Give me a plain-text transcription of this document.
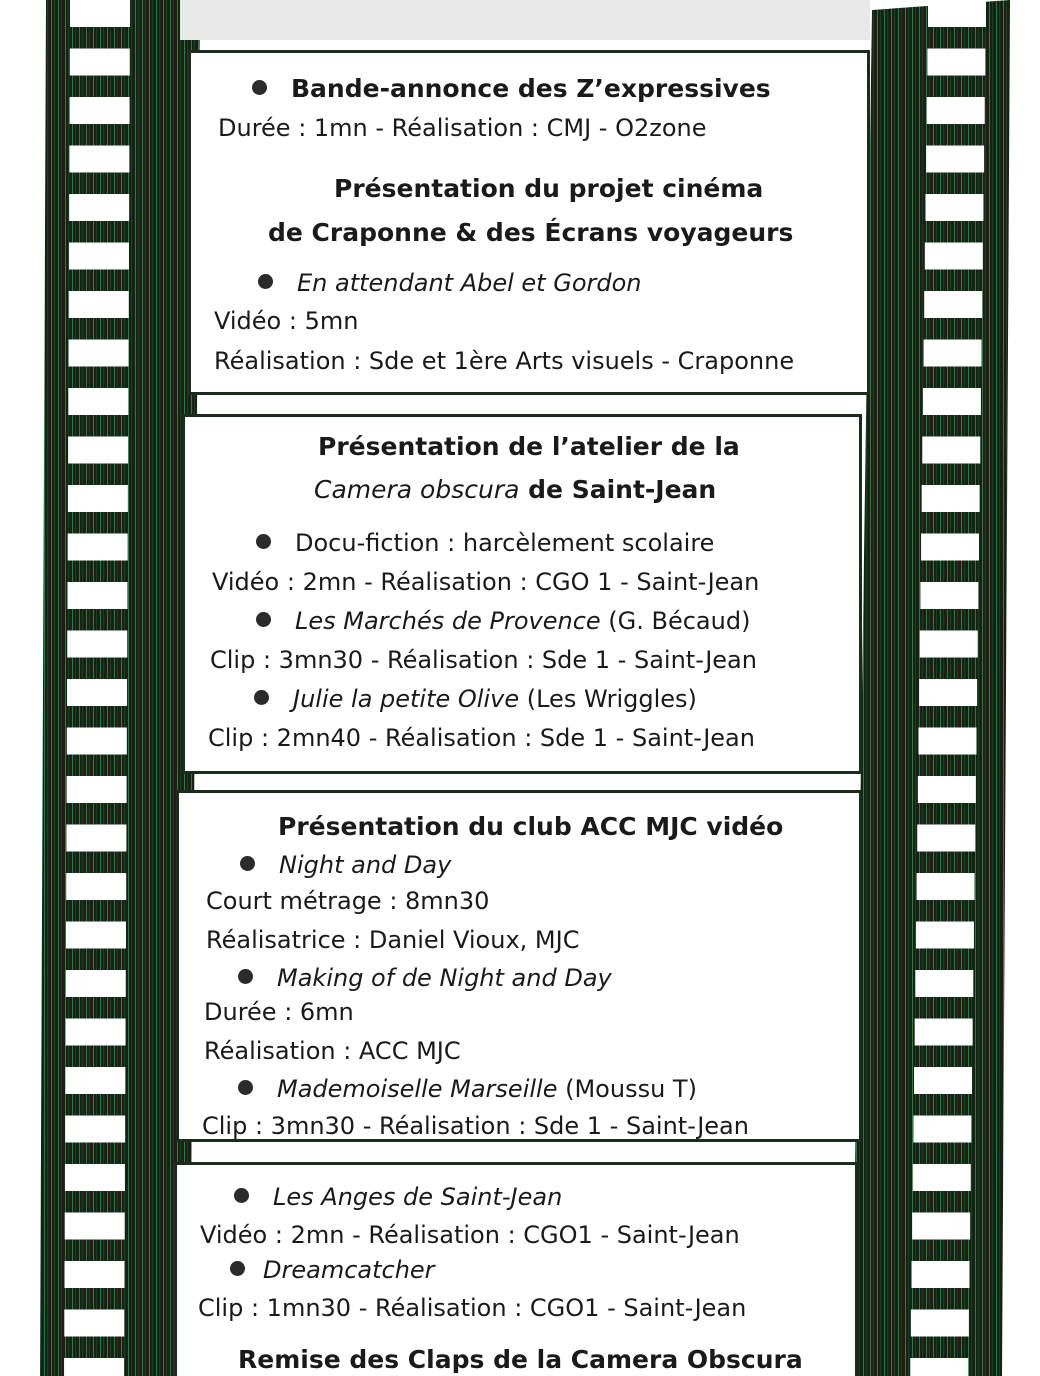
Bande-annonce des Z’expressives
Durée : 1mn - Réalisation : CMJ - O2zone
Présentation du projet cinéma
de Craponne & des Écrans voyageurs
En attendant Abel et Gordon
Vidéo : 5mn
Réalisation : Sde et 1ère Arts visuels - Craponne
Présentation de l’atelier de la
Camera obscura de Saint-Jean
Docu-fiction : harcèlement scolaire
Vidéo : 2mn - Réalisation : CGO 1 - Saint-Jean
Les Marchés de Provence (G. Bécaud)
Clip : 3mn30 - Réalisation : Sde 1 - Saint-Jean
Julie la petite Olive (Les Wriggles)
Clip : 2mn40 - Réalisation : Sde 1 - Saint-Jean
Présentation du club ACC MJC vidéo
Night and Day
Court métrage : 8mn30
Réalisatrice : Daniel Vioux, MJC
Making of de Night and Day
Durée : 6mn
Réalisation : ACC MJC
Mademoiselle Marseille (Moussu T)
Clip : 3mn30 - Réalisation : Sde 1 - Saint-Jean
Les Anges de Saint-Jean
Vidéo : 2mn - Réalisation : CGO1 - Saint-Jean
Dreamcatcher
Clip : 1mn30 - Réalisation : CGO1 - Saint-Jean
Remise des Claps de la Camera Obscura
